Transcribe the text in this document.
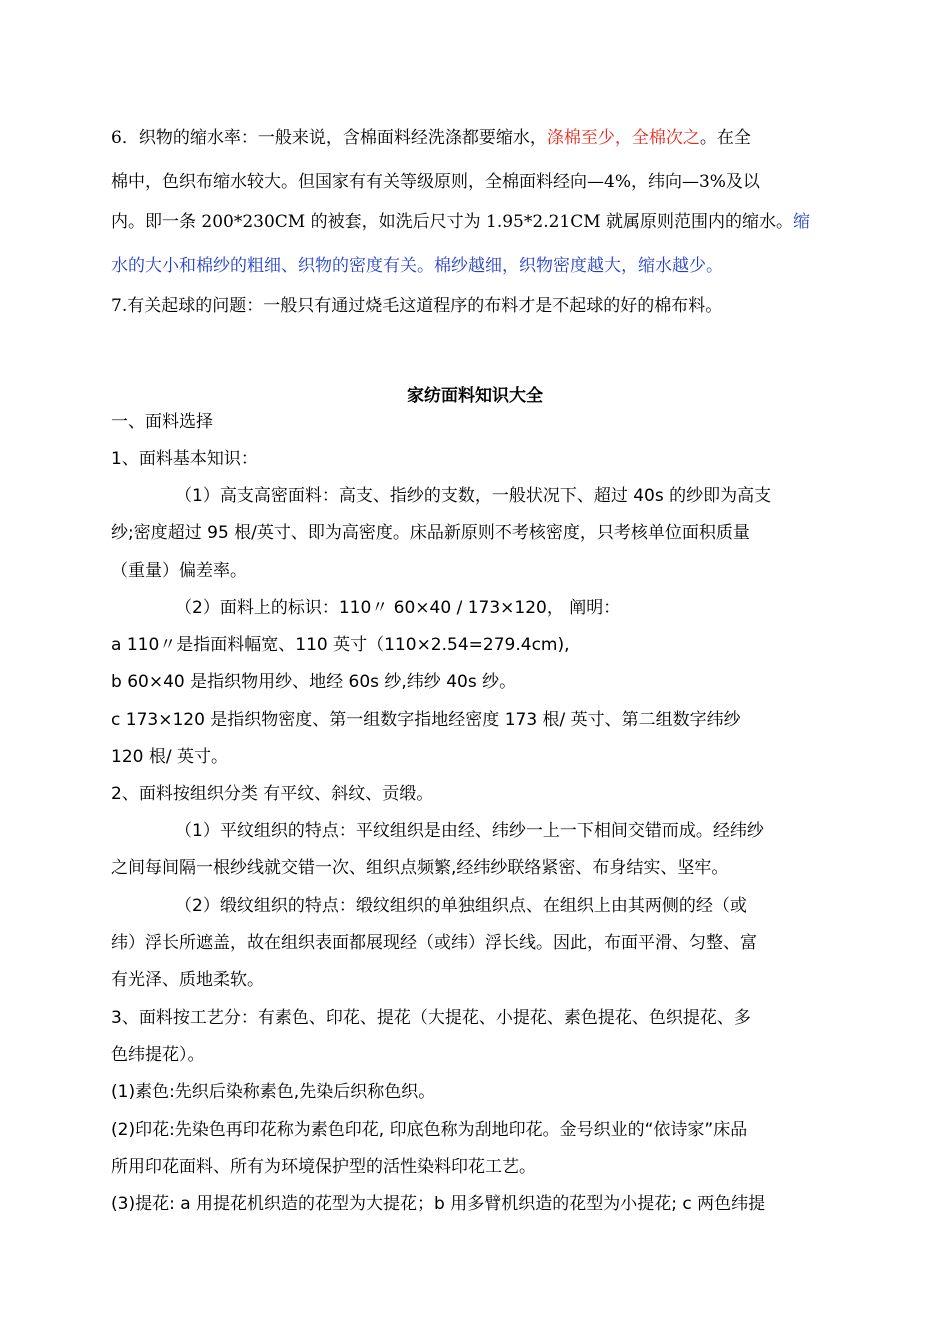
6．织物的缩水率：一般来说，含棉面料经洗涤都要缩水，涤棉至少，全棉次之。在全
棉中，色织布缩水较大。但国家有有关等级原则，全棉面料经向—4%，纬向—3%及以
内。即一条 200*230CM 的被套，如洗后尺寸为 1.95*2.21CM 就属原则范围内的缩水。缩
水的大小和棉纱的粗细、织物的密度有关。棉纱越细，织物密度越大，缩水越少。
7.有关起球的问题：一般只有通过烧毛这道程序的布料才是不起球的好的棉布料。
家纺面料知识大全
一、面料选择
1、面料基本知识：
（1）高支高密面料：高支、指纱的支数，一般状况下、超过 40s 的纱即为高支
纱;密度超过 95 根/英寸、即为高密度。床品新原则不考核密度，只考核单位面积质量
（重量）偏差率。
（2）面料上的标识：110〃 60×40 / 173×120， 阐明：
a 110〃是指面料幅宽、110 英寸（110×2.54=279.4cm),
b 60×40 是指织物用纱、地经 60s 纱,纬纱 40s 纱。
c 173×120 是指织物密度、第一组数字指地经密度 173 根/ 英寸、第二组数字纬纱
120 根/ 英寸。
2、面料按组织分类 有平纹、斜纹、贡缎。
（1）平纹组织的特点：平纹组织是由经、纬纱一上一下相间交错而成。经纬纱
之间每间隔一根纱线就交错一次、组织点频繁,经纬纱联络紧密、布身结实、坚牢。
（2）缎纹组织的特点：缎纹组织的单独组织点、在组织上由其两侧的经（或
纬）浮长所遮盖，故在组织表面都展现经（或纬）浮长线。因此，布面平滑、匀整、富
有光泽、质地柔软。
3、面料按工艺分：有素色、印花、提花（大提花、小提花、素色提花、色织提花、多
色纬提花）。
(1)素色:先织后染称素色,先染后织称色织。
(2)印花:先染色再印花称为素色印花, 印底色称为刮地印花。金号织业的“依诗家”床品
所用印花面料、所有为环境保护型的活性染料印花工艺。
(3)提花: a 用提花机织造的花型为大提花；b 用多臂机织造的花型为小提花; c 两色纬提
